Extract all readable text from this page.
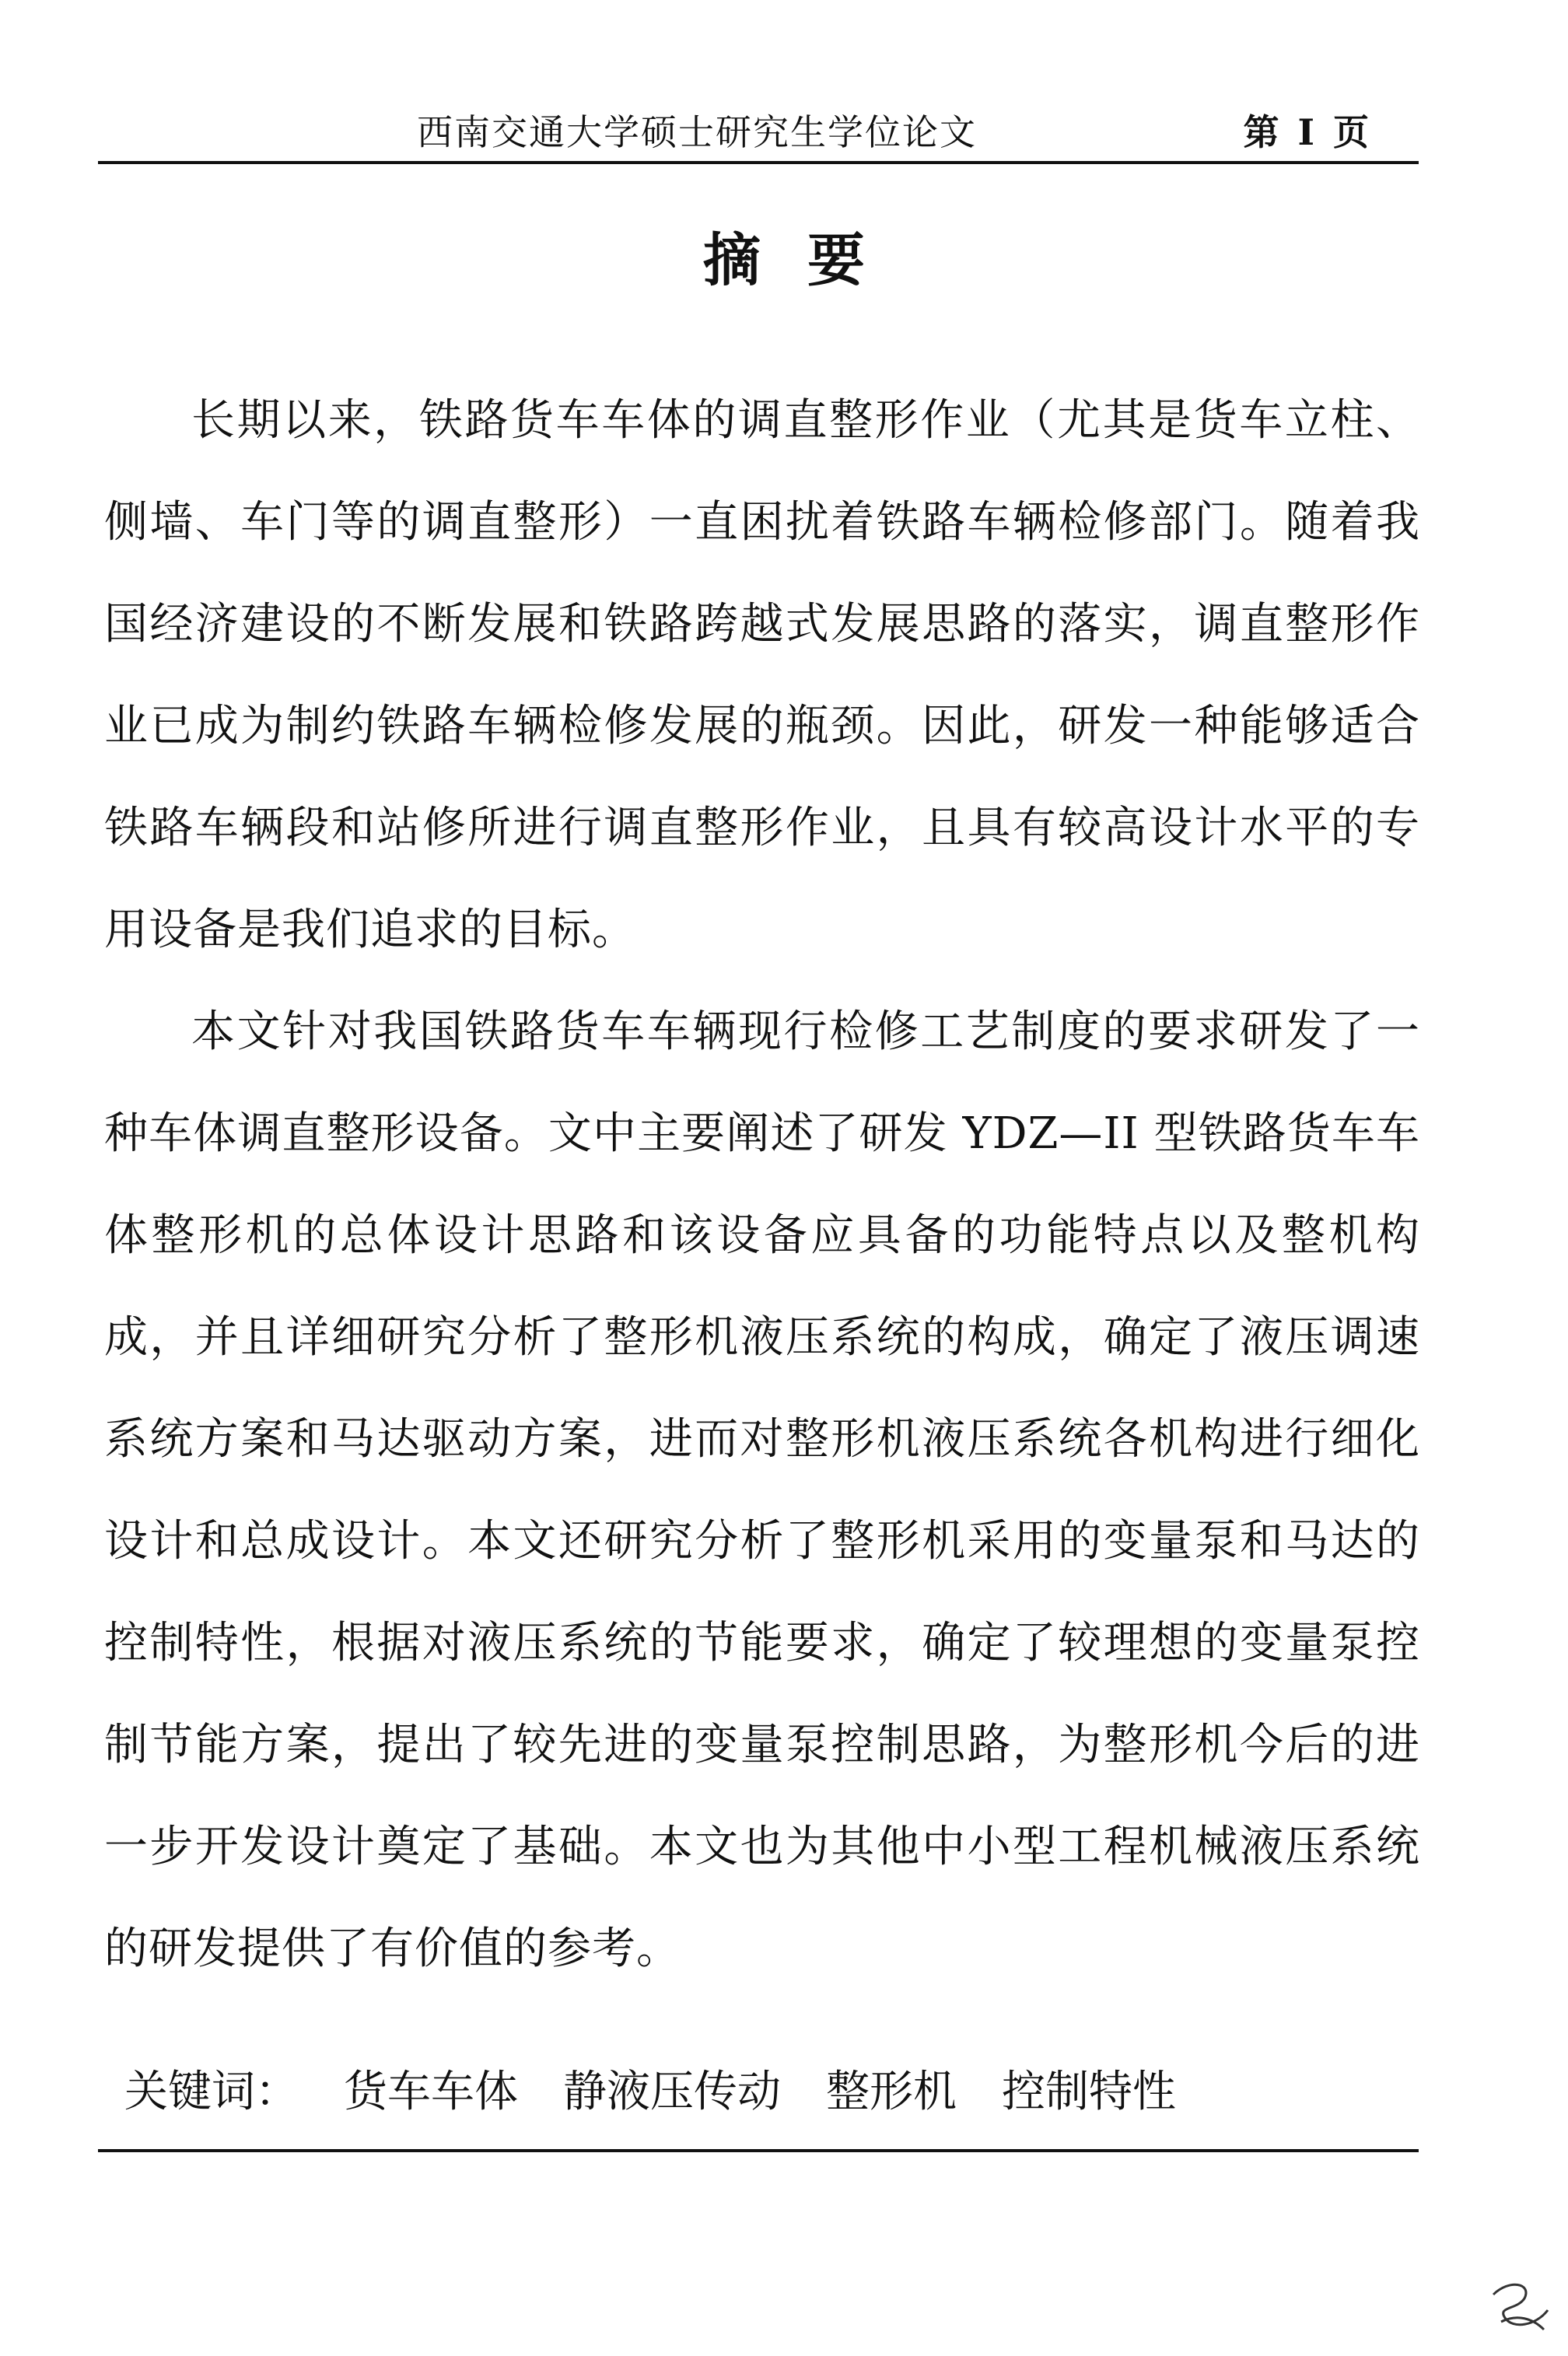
西南交通大学硕士研究生学位论文	第 I 页
摘要

长期以来，铁路货车车体的调直整形作业（尤其是货车立柱、侧墙、车门等的调直整形）一直困扰着铁路车辆检修部门。随着我国经济建设的不断发展和铁路跨越式发展思路的落实，调直整形作业已成为制约铁路车辆检修发展的瓶颈。因此，研发一种能够适合铁路车辆段和站修所进行调直整形作业，且具有较高设计水平的专用设备是我们追求的目标。

本文针对我国铁路货车车辆现行检修工艺制度的要求研发了一种车体调直整形设备。文中主要阐述了研发 YDZ—II 型铁路货车车体整形机的总体设计思路和该设备应具备的功能特点以及整机构成，并且详细研究分析了整形机液压系统的构成，确定了液压调速系统方案和马达驱动方案，进而对整形机液压系统各机构进行细化设计和总成设计。本文还研究分析了整形机采用的变量泵和马达的控制特性，根据对液压系统的节能要求，确定了较理想的变量泵控制节能方案，提出了较先进的变量泵控制思路，为整形机今后的进一步开发设计奠定了基础。本文也为其他中小型工程机械液压系统的研发提供了有价值的参考。

关键词： 货车车体 静液压传动 整形机 控制特性
